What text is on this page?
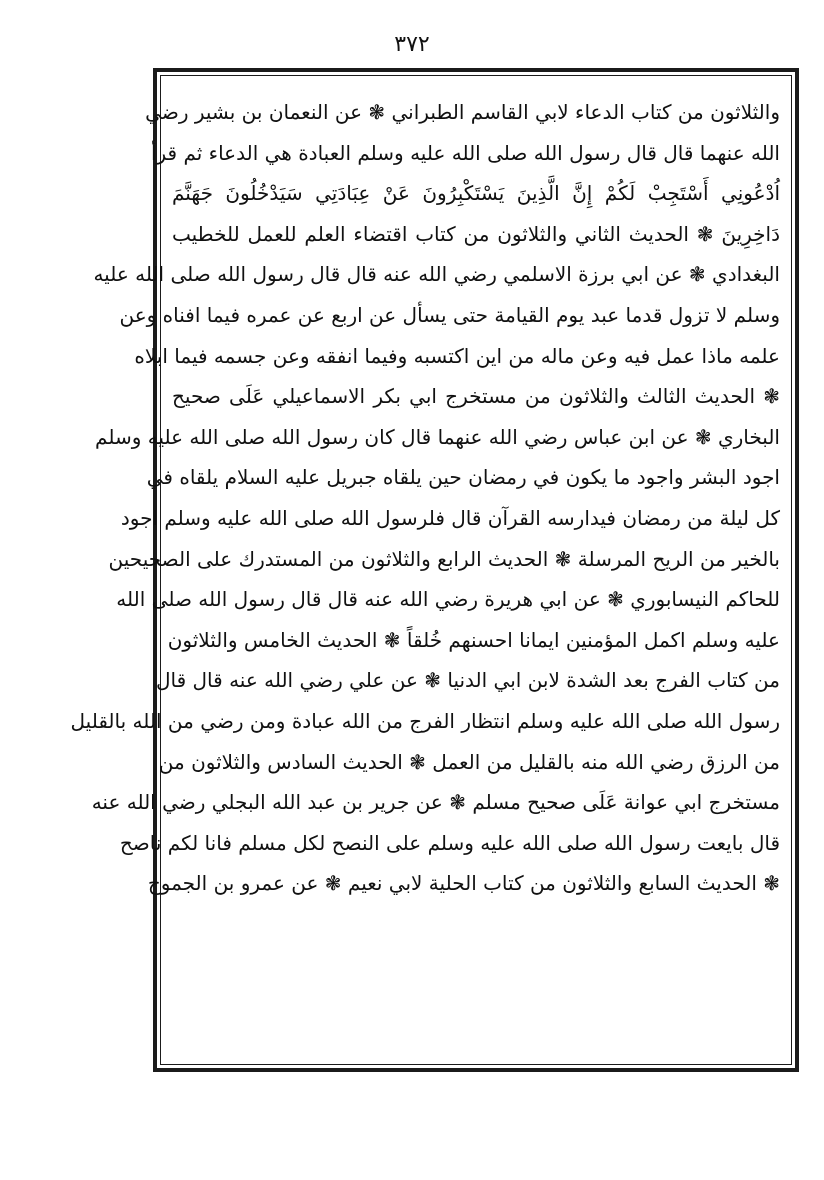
٣٧٢
والثلاثون من كتاب الدعاء لابي القاسم الطبراني ❃ عن النعمان بن بشير رضي
الله عنهما قال قال رسول الله صلى الله عليه وسلم العبادة هي الدعاء ثم قرأ
اُدْعُونِي أَسْتَجِبْ لَكُمْ إِنَّ الَّذِينَ يَسْتَكْبِرُونَ عَنْ عِبَادَتِي سَيَدْخُلُونَ جَهَنَّمَ
دَاخِرِينَ ❃ الحديث الثاني والثلاثون من كتاب اقتضاء العلم للعمل للخطيب
البغدادي ❃ عن ابي برزة الاسلمي رضي الله عنه قال قال رسول الله صلى الله عليه
وسلم لا تزول قدما عبد يوم القيامة حتى يسأل عن اربع عن عمره فيما افناه وعن
علمه ماذا عمل فيه وعن ماله من اين اكتسبه وفيما انفقه وعن جسمه فيما ابلاه
❃ الحديث الثالث والثلاثون من مستخرج ابي بكر الاسماعيلي عَلَى صحيح
البخاري ❃ عن ابن عباس رضي الله عنهما قال كان رسول الله صلى الله عليه وسلم
اجود البشر واجود ما يكون في رمضان حين يلقاه جبريل عليه السلام يلقاه في
كل ليلة من رمضان فيدارسه القرآن قال فلرسول الله صلى الله عليه وسلم اجود
بالخير من الريح المرسلة ❃ الحديث الرابع والثلاثون من المستدرك على الصحيحين
للحاكم النيسابوري ❃ عن ابي هريرة رضي الله عنه قال قال رسول الله صلى الله
عليه وسلم اكمل المؤمنين ايمانا احسنهم خُلقاً ❃ الحديث الخامس والثلاثون
من كتاب الفرج بعد الشدة لابن ابي الدنيا ❃ عن علي رضي الله عنه قال قال
رسول الله صلى الله عليه وسلم انتظار الفرج من الله عبادة ومن رضي من الله بالقليل
من الرزق رضي الله منه بالقليل من العمل ❃ الحديث السادس والثلاثون من
مستخرج ابي عوانة عَلَى صحيح مسلم ❃ عن جرير بن عبد الله البجلي رضي الله عنه
قال بايعت رسول الله صلى الله عليه وسلم على النصح لكل مسلم فانا لكم ناصح
❃ الحديث السابع والثلاثون من كتاب الحلية لابي نعيم ❃ عن عمرو بن الجموح
